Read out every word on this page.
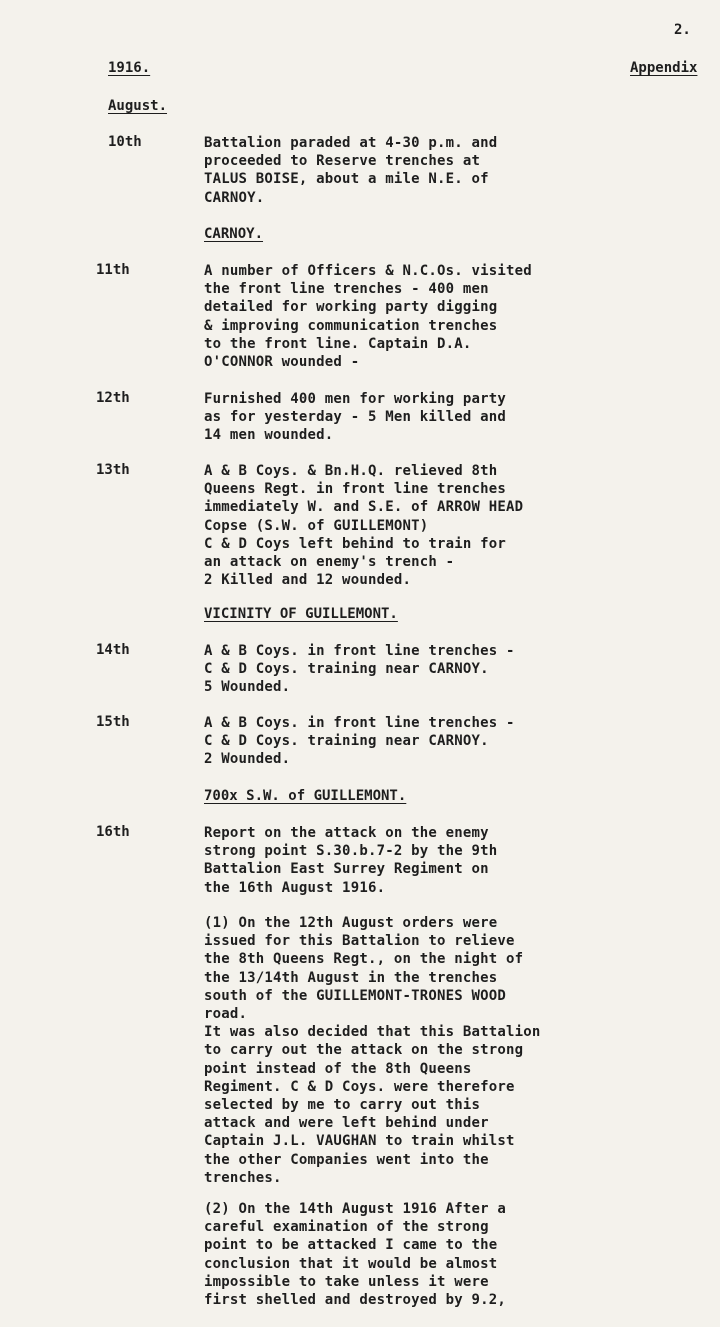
2.
1916.	Appendix
August.
10th	Battalion paraded at 4-30 p.m. and
proceeded to Reserve trenches at
TALUS BOISE, about a mile N.E. of
CARNOY.
CARNOY.
11th	A number of Officers & N.C.Os. visited
the front line trenches - 400 men
detailed for working party digging
& improving communication trenches
to the front line. Captain D.A.
O'CONNOR wounded -
12th	Furnished 400 men for working party
as for yesterday - 5 Men killed and
14 men wounded.
13th	A & B Coys. & Bn.H.Q. relieved 8th
Queens Regt. in front line trenches
immediately W. and S.E. of ARROW HEAD
Copse (S.W. of GUILLEMONT)
C & D Coys left behind to train for
an attack on enemy's trench -
2 Killed and 12 wounded.
VICINITY OF GUILLEMONT.
14th	A & B Coys. in front line trenches -
C & D Coys. training near CARNOY.
5 Wounded.
15th	A & B Coys. in front line trenches -
C & D Coys. training near CARNOY.
2 Wounded.
700x S.W. of GUILLEMONT.
16th	Report on the attack on the enemy
strong point S.30.b.7-2 by the 9th
Battalion East Surrey Regiment on
the 16th August 1916.
(1) On the 12th August orders were
issued for this Battalion to relieve
the 8th Queens Regt., on the night of
the 13/14th August in the trenches
south of the GUILLEMONT-TRONES WOOD
road.
It was also decided that this Battalion
to carry out the attack on the strong
point instead of the 8th Queens
Regiment. C & D Coys. were therefore
selected by me to carry out this
attack and were left behind under
Captain J.L. VAUGHAN to train whilst
the other Companies went into the
trenches.
(2) On the 14th August 1916 After a
careful examination of the strong
point to be attacked I came to the
conclusion that it would be almost
impossible to take unless it were
first shelled and destroyed by 9.2,
